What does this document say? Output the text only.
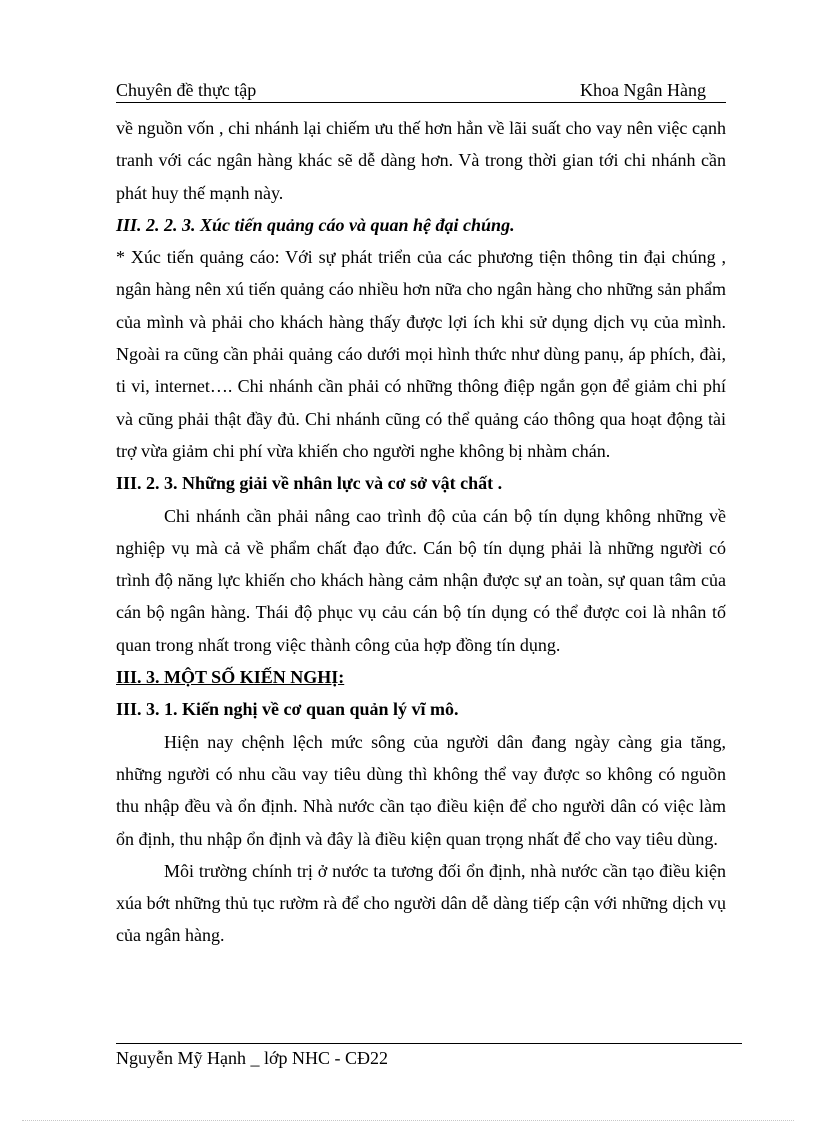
Chuyên đề thực tập	Khoa Ngân Hàng

về nguồn vốn , chi nhánh lại chiếm ưu thế hơn hẳn về lãi suất cho vay nên việc cạnh tranh với các ngân hàng khác sẽ dễ dàng hơn. Và trong thời gian tới chi nhánh cần phát huy thế mạnh này.

III. 2. 2. 3. Xúc tiến quảng cáo và quan hệ đại chúng.

* Xúc tiến quảng cáo: Với sự phát triển của các phương tiện thông tin đại chúng , ngân hàng nên xú tiến quảng cáo nhiều hơn nữa cho ngân hàng cho những sản phẩm của mình và phải cho khách hàng thấy được lợi ích khi sử dụng dịch vụ của mình. Ngoài ra cũng cần phải quảng cáo dưới mọi hình thức như dùng panụ, áp phích, đài, ti vi, internet…. Chi nhánh cần phải có những thông điệp ngắn gọn để giảm chi phí và cũng phải thật đầy đủ. Chi nhánh cũng có thể quảng cáo thông qua hoạt động tài trợ vừa giảm chi phí vừa khiến cho người nghe không bị nhàm chán.

III. 2. 3. Những giải về nhân lực và cơ sở vật chất .

Chi nhánh cần phải nâng cao trình độ của cán bộ tín dụng không những về nghiệp vụ mà cả về phẩm chất đạo đức. Cán bộ tín dụng phải là những người có trình độ năng lực khiến cho khách hàng cảm nhận được sự an toàn, sự quan tâm của cán bộ ngân hàng. Thái độ phục vụ cảu cán bộ tín dụng có thể được coi là nhân tố quan trong nhất trong việc thành công của hợp đồng tín dụng.

III. 3. MỘT SỐ KIẾN NGHỊ:

III. 3. 1. Kiến nghị về cơ quan quản lý vĩ mô.

Hiện nay chệnh lệch mức sông của người dân đang ngày càng gia tăng, những người có nhu cầu vay tiêu dùng thì không thể vay được so không có nguồn thu nhập đều và ổn định. Nhà nước cần tạo điều kiện để cho người dân có việc làm ổn định, thu nhập ổn định và đây là điều kiện quan trọng nhất để cho vay tiêu dùng.

Môi trường chính trị ở nước ta tương đối ổn định, nhà nước cần tạo điều kiện xúa bớt những thủ tục rườm rà để cho người dân dễ dàng tiếp cận với những dịch vụ của ngân hàng.

Nguyễn Mỹ Hạnh _ lớp NHC - CĐ22
